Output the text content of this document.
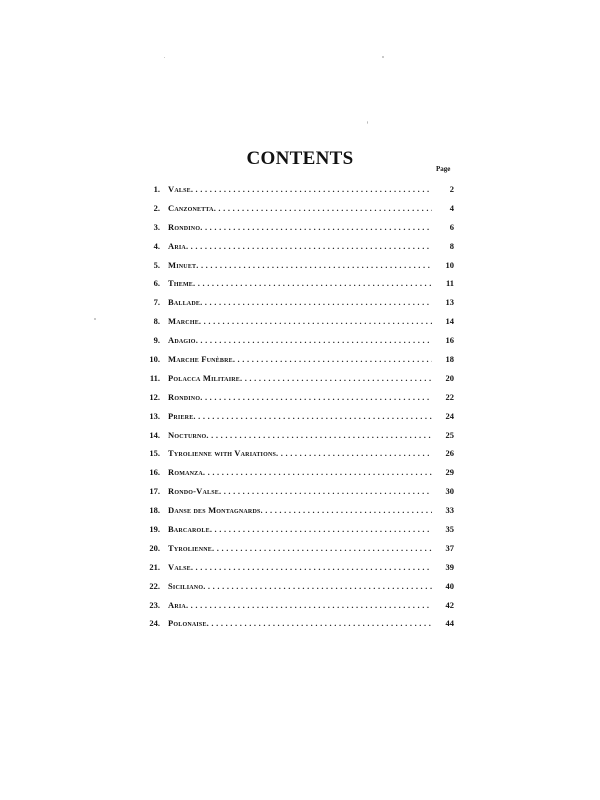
CONTENTS	Page
1. Valse .....	2
2. Canzonetta .....	4
3. Rondino .....	6
4. Aria .....	8
5. Minuet .....	10
6. Theme .....	11
7. Ballade .....	13
8. Marche .....	14
9. Adagio .....	16
10. Marche Funèbre .....	18
11. Polacca Militaire .....	20
12. Rondino .....	22
13. Priere .....	24
14. Nocturno .....	25
15. Tyrolienne with Variations .....	26
16. Romanza .....	29
17. Rondo-Valse .....	30
18. Danse des Montagnards .....	33
19. Barcarole .....	35
20. Tyrolienne .....	37
21. Valse .....	39
22. Siciliano .....	40
23. Aria .....	42
24. Polonaise .....	44
